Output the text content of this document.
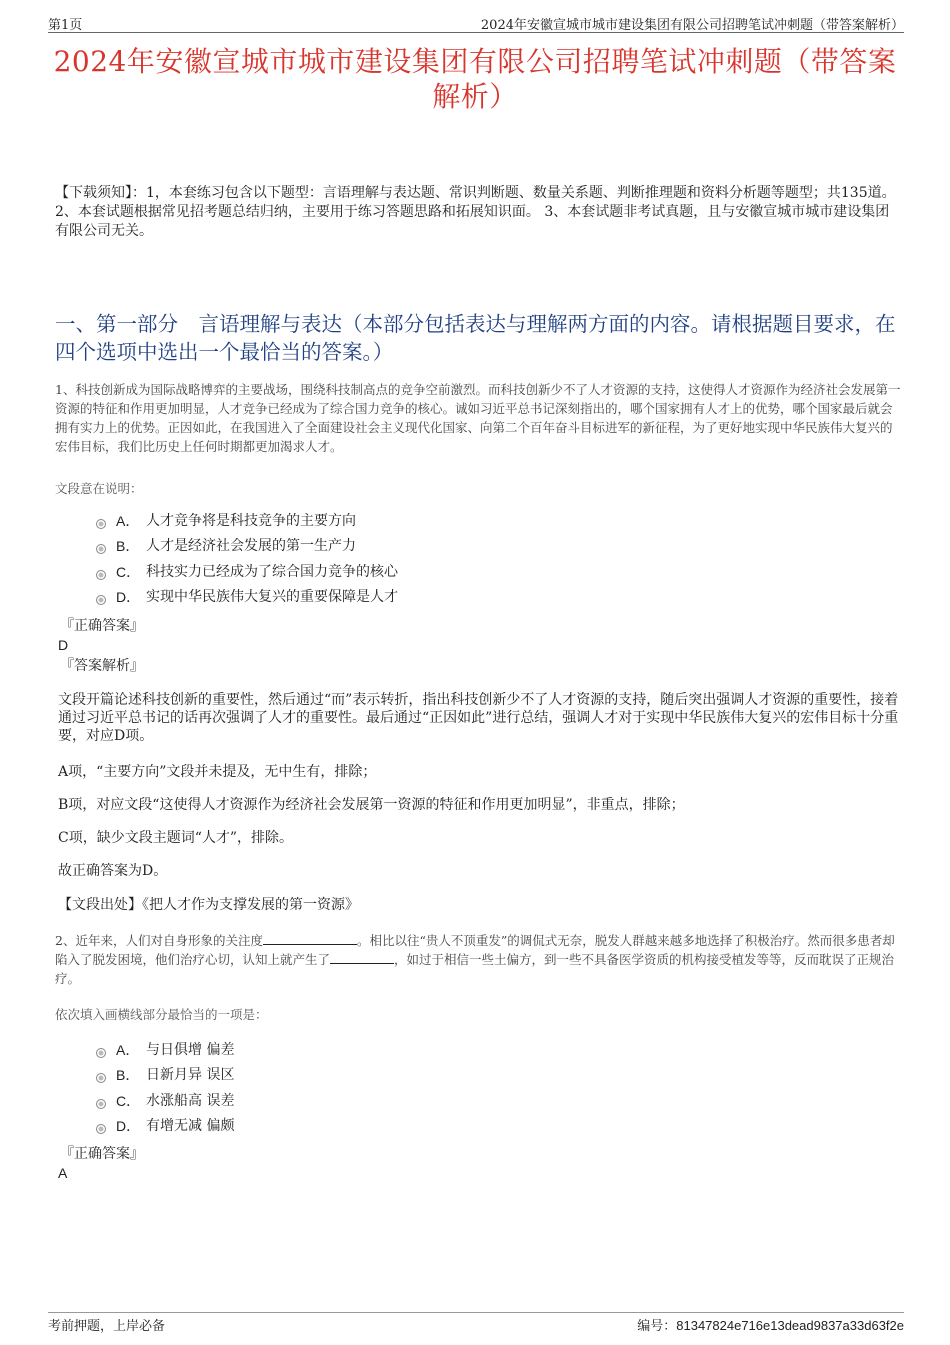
第1页	2024年安徽宣城市城市建设集团有限公司招聘笔试冲刺题（带答案解析）
2024年安徽宣城市城市建设集团有限公司招聘笔试冲刺题（带答案解析）
【下载须知】：1，本套练习包含以下题型：言语理解与表达题、常识判断题、数量关系题、判断推理题和资料分析题等题型；共135道。 2、本套试题根据常见招考题总结归纳，主要用于练习答题思路和拓展知识面。 3、本套试题非考试真题，且与安徽宣城市城市建设集团有限公司无关。
一、第一部分　言语理解与表达（本部分包括表达与理解两方面的内容。请根据题目要求，在四个选项中选出一个最恰当的答案。）
1、科技创新成为国际战略博弈的主要战场，围绕科技制高点的竞争空前激烈。而科技创新少不了人才资源的支持，这使得人才资源作为经济社会发展第一资源的特征和作用更加明显，人才竞争已经成为了综合国力竞争的核心。诚如习近平总书记深刻指出的，哪个国家拥有人才上的优势，哪个国家最后就会拥有实力上的优势。正因如此，在我国进入了全面建设社会主义现代化国家、向第二个百年奋斗目标进军的新征程，为了更好地实现中华民族伟大复兴的宏伟目标，我们比历史上任何时期都更加渴求人才。
文段意在说明：
A． 人才竞争将是科技竞争的主要方向
B． 人才是经济社会发展的第一生产力
C． 科技实力已经成为了综合国力竞争的核心
D． 实现中华民族伟大复兴的重要保障是人才
『正确答案』
D
『答案解析』
文段开篇论述科技创新的重要性，然后通过“而”表示转折，指出科技创新少不了人才资源的支持，随后突出强调人才资源的重要性，接着通过习近平总书记的话再次强调了人才的重要性。最后通过“正因如此”进行总结，强调人才对于实现中华民族伟大复兴的宏伟目标十分重要，对应D项。
A项，“主要方向”文段并未提及，无中生有，排除；
B项，对应文段“这使得人才资源作为经济社会发展第一资源的特征和作用更加明显”，非重点，排除；
C项，缺少文段主题词“人才”，排除。
故正确答案为D。
【文段出处】《把人才作为支撑发展的第一资源》
2、近年来，人们对自身形象的关注度	。相比以往“贵人不顶重发”的调侃式无奈，脱发人群越来越多地选择了积极治疗。然而很多患者却陷入了脱发困境，他们治疗心切，认知上就产生了	，如过于相信一些土偏方，到一些不具备医学资质的机构接受植发等等，反而耽误了正规治疗。
依次填入画横线部分最恰当的一项是：
A． 与日俱增 偏差
B． 日新月异 误区
C． 水涨船高 误差
D． 有增无减 偏颇
『正确答案』
A
考前押题，上岸必备	编号：81347824e716e13dead9837a33d63f2e
